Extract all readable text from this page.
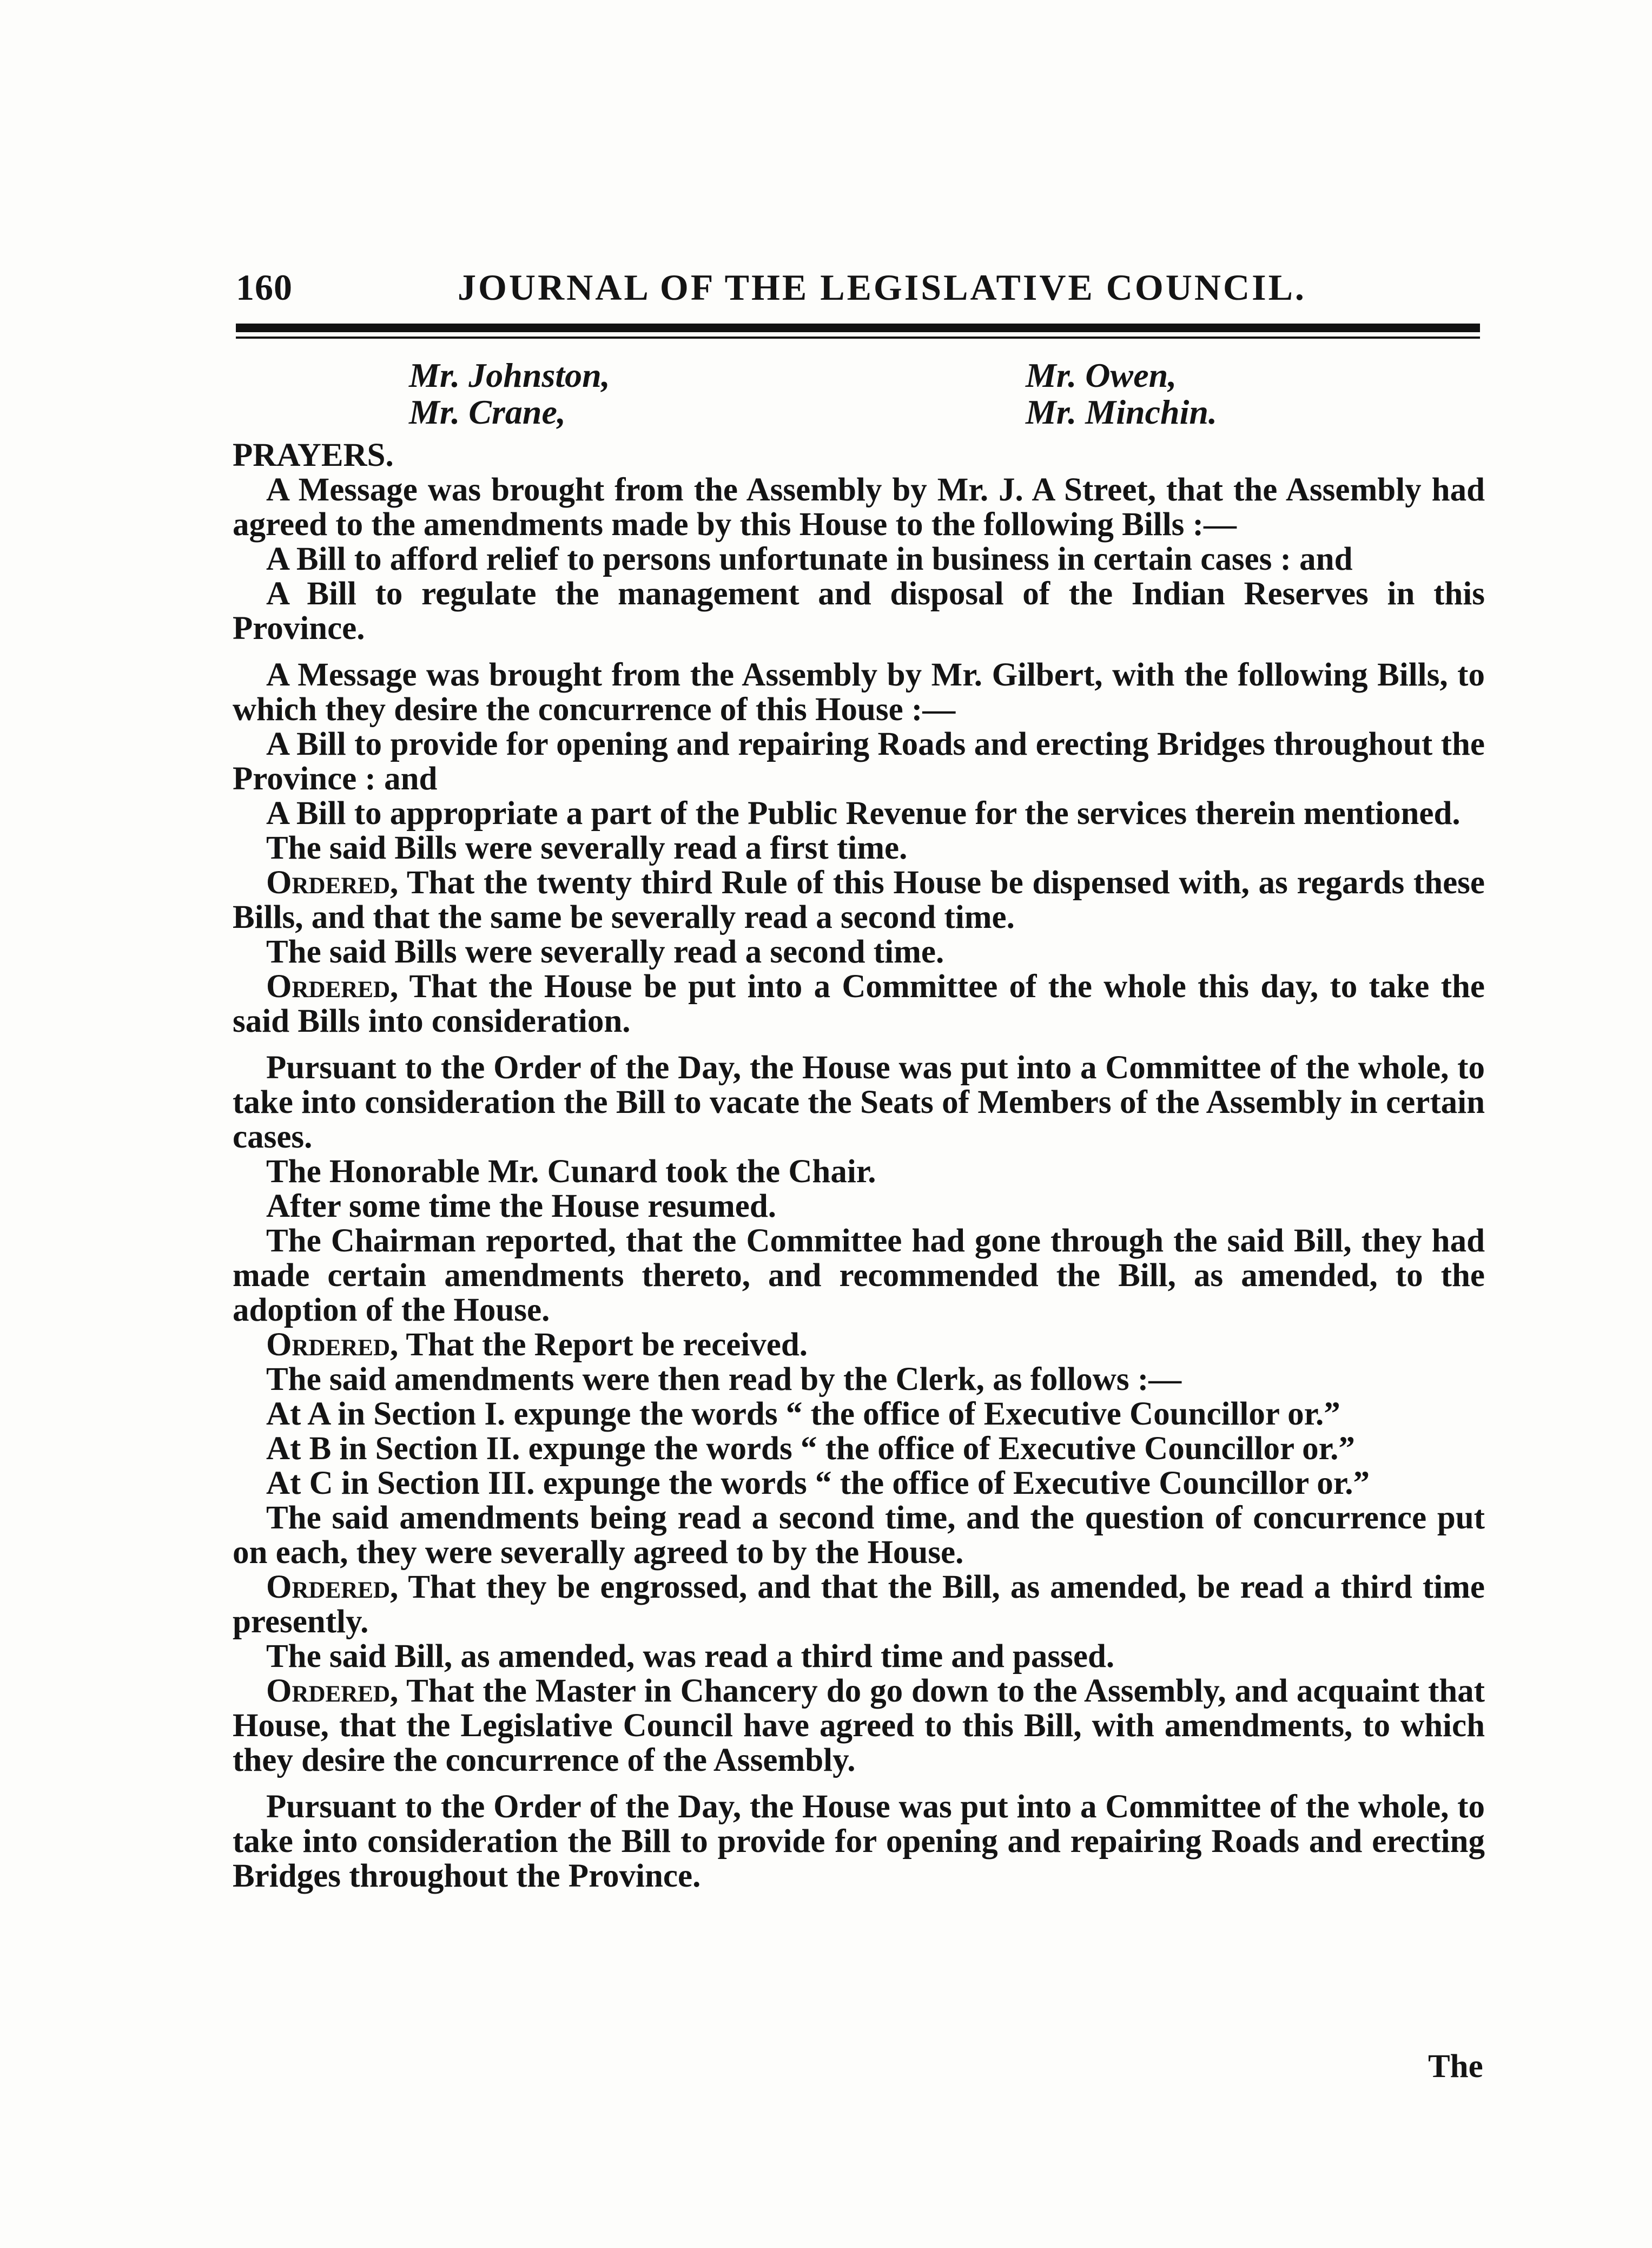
160	JOURNAL OF THE LEGISLATIVE COUNCIL.
Mr. Johnston,
Mr. Crane,
Mr. Owen,
Mr. Minchin.

PRAYERS.

A Message was brought from the Assembly by Mr. J. A Street, that the Assembly had agreed to the amendments made by this House to the following Bills :—

A Bill to afford relief to persons unfortunate in business in certain cases : and

A Bill to regulate the management and disposal of the Indian Reserves in this Province.

A Message was brought from the Assembly by Mr. Gilbert, with the following Bills, to which they desire the concurrence of this House :—

A Bill to provide for opening and repairing Roads and erecting Bridges throughout the Province : and

A Bill to appropriate a part of the Public Revenue for the services therein mentioned.

The said Bills were severally read a first time.

Ordered, That the twenty third Rule of this House be dispensed with, as regards these Bills, and that the same be severally read a second time.

The said Bills were severally read a second time.

Ordered, That the House be put into a Committee of the whole this day, to take the said Bills into consideration.

Pursuant to the Order of the Day, the House was put into a Committee of the whole, to take into consideration the Bill to vacate the Seats of Members of the Assembly in certain cases.

The Honorable Mr. Cunard took the Chair.

After some time the House resumed.

The Chairman reported, that the Committee had gone through the said Bill, they had made certain amendments thereto, and recommended the Bill, as amended, to the adoption of the House.

Ordered, That the Report be received.

The said amendments were then read by the Clerk, as follows :—

At A in Section I. expunge the words “ the office of Executive Councillor or.”

At B in Section II. expunge the words “ the office of Executive Councillor or.”

At C in Section III. expunge the words “ the office of Executive Councillor or.”

The said amendments being read a second time, and the question of concurrence put on each, they were severally agreed to by the House.

Ordered, That they be engrossed, and that the Bill, as amended, be read a third time presently.

The said Bill, as amended, was read a third time and passed.

Ordered, That the Master in Chancery do go down to the Assembly, and acquaint that House, that the Legislative Council have agreed to this Bill, with amendments, to which they desire the concurrence of the Assembly.

Pursuant to the Order of the Day, the House was put into a Committee of the whole, to take into consideration the Bill to provide for opening and repairing Roads and erecting Bridges throughout the Province.

The
